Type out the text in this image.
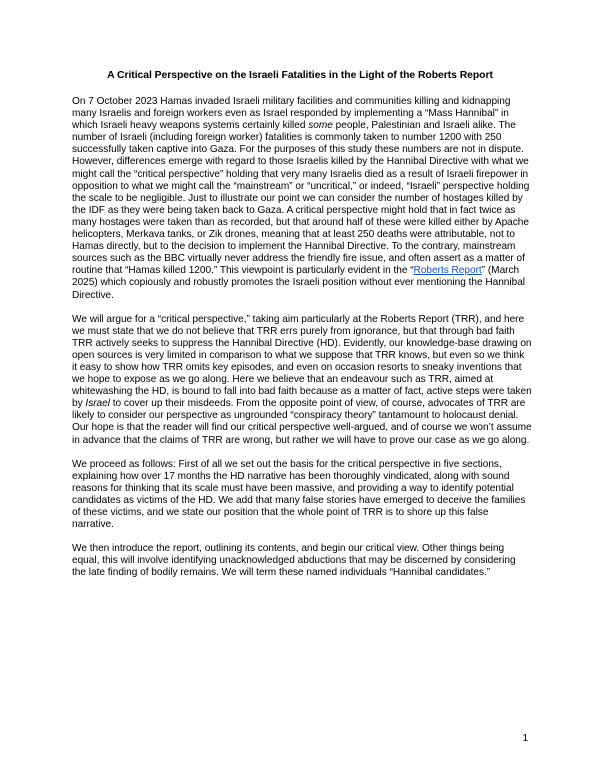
A Critical Perspective on the Israeli Fatalities in the Light of the Roberts Report

On 7 October 2023 Hamas invaded Israeli military facilities and communities killing and kidnapping many Israelis and foreign workers even as Israel responded by implementing a “Mass Hannibal” in which Israeli heavy weapons systems certainly killed some people, Palestinian and Israeli alike. The number of Israeli (including foreign worker) fatalities is commonly taken to number 1200 with 250 successfully taken captive into Gaza. For the purposes of this study these numbers are not in dispute. However, differences emerge with regard to those Israelis killed by the Hannibal Directive with what we might call the “critical perspective” holding that very many Israelis died as a result of Israeli firepower in opposition to what we might call the “mainstream” or “uncritical,” or indeed, “Israeli” perspective holding the scale to be negligible. Just to illustrate our point we can consider the number of hostages killed by the IDF as they were being taken back to Gaza. A critical perspective might hold that in fact twice as many hostages were taken than as recorded, but that around half of these were killed either by Apache helicopters, Merkava tanks, or Zik drones, meaning that at least 250 deaths were attributable, not to Hamas directly, but to the decision to implement the Hannibal Directive. To the contrary, mainstream sources such as the BBC virtually never address the friendly fire issue, and often assert as a matter of routine that “Hamas killed 1200.” This viewpoint is particularly evident in the “Roberts Report” (March 2025) which copiously and robustly promotes the Israeli position without ever mentioning the Hannibal Directive.

We will argue for a “critical perspective,” taking aim particularly at the Roberts Report (TRR), and here we must state that we do not believe that TRR errs purely from ignorance, but that through bad faith TRR actively seeks to suppress the Hannibal Directive (HD). Evidently, our knowledge-base drawing on open sources is very limited in comparison to what we suppose that TRR knows, but even so we think it easy to show how TRR omits key episodes, and even on occasion resorts to sneaky inventions that we hope to expose as we go along. Here we believe that an endeavour such as TRR, aimed at whitewashing the HD, is bound to fall into bad faith because as a matter of fact, active steps were taken by Israel to cover up their misdeeds. From the opposite point of view, of course, advocates of TRR are likely to consider our perspective as ungrounded “conspiracy theory” tantamount to holocaust denial. Our hope is that the reader will find our critical perspective well-argued, and of course we won’t assume in advance that the claims of TRR are wrong, but rather we will have to prove our case as we go along.

We proceed as follows: First of all we set out the basis for the critical perspective in five sections, explaining how over 17 months the HD narrative has been thoroughly vindicated, along with sound reasons for thinking that its scale must have been massive, and providing a way to identify potential candidates as victims of the HD. We add that many false stories have emerged to deceive the families of these victims, and we state our position that the whole point of TRR is to shore up this false narrative.

We then introduce the report, outlining its contents, and begin our critical view. Other things being equal, this will involve identifying unacknowledged abductions that may be discerned by considering the late finding of bodily remains. We will term these named individuals “Hannibal candidates.”

1
